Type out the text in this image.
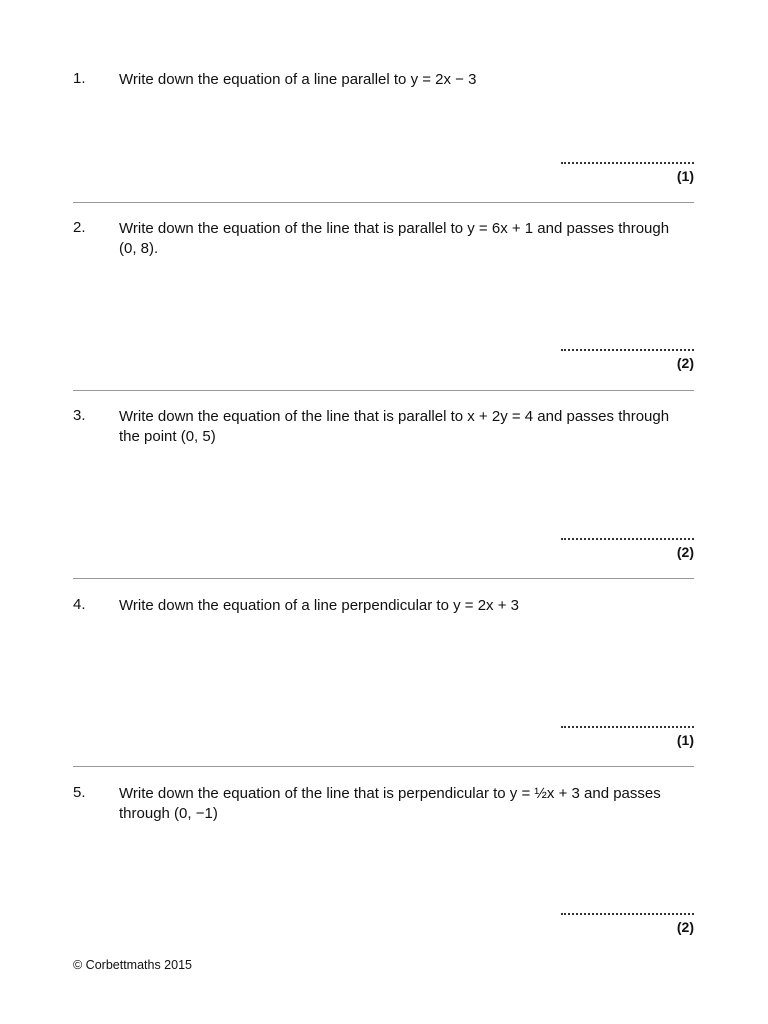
1. Write down the equation of a line parallel to y = 2x − 3
(1)
2. Write down the equation of the line that is parallel to y = 6x + 1 and passes through (0, 8).
(2)
3. Write down the equation of the line that is parallel to x + 2y = 4 and passes through the point (0, 5)
(2)
4. Write down the equation of a line perpendicular to y = 2x + 3
(1)
5. Write down the equation of the line that is perpendicular to y = ½x + 3 and passes through (0, −1)
(2)
© Corbettmaths 2015
